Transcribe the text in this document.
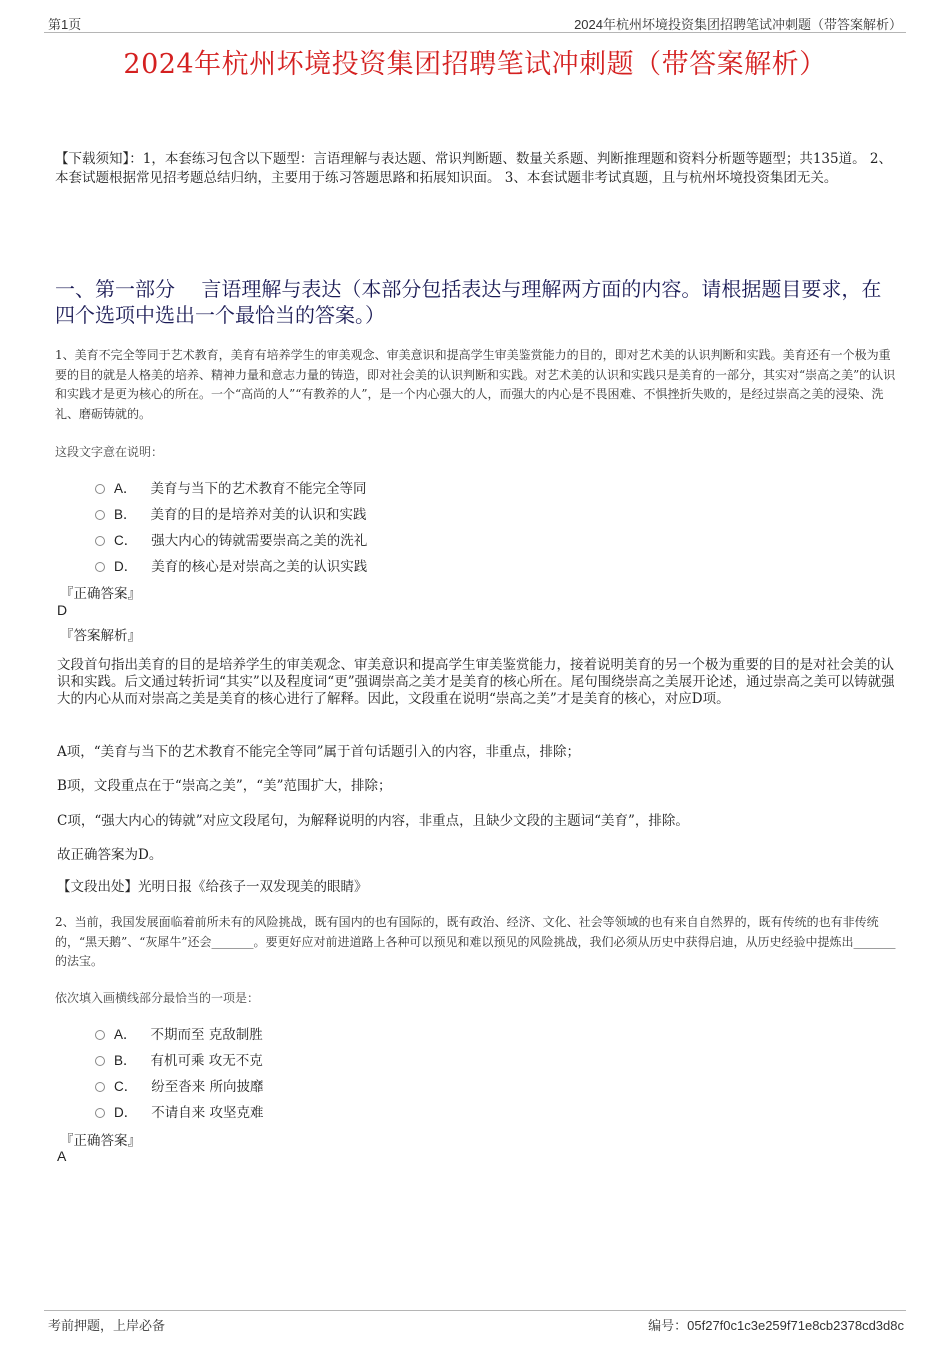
第1页	2024年杭州坏境投资集团招聘笔试冲刺题（带答案解析）
2024年杭州坏境投资集团招聘笔试冲刺题（带答案解析）
【下载须知】：1，本套练习包含以下题型：言语理解与表达题、常识判断题、数量关系题、判断推理题和资料分析题等题型；共135道。 2、本套试题根据常见招考题总结归纳，主要用于练习答题思路和拓展知识面。 3、本套试题非考试真题，且与杭州坏境投资集团无关。
一、第一部分　 言语理解与表达（本部分包括表达与理解两方面的内容。请根据题目要求，在四个选项中选出一个最恰当的答案。）
1、美育不完全等同于艺术教育，美育有培养学生的审美观念、审美意识和提高学生审美鉴赏能力的目的，即对艺术美的认识判断和实践。美育还有一个极为重要的目的就是人格美的培养、精神力量和意志力量的铸造，即对社会美的认识判断和实践。对艺术美的认识和实践只是美育的一部分，其实对“崇高之美”的认识和实践才是更为核心的所在。一个“高尚的人”“有教养的人”，是一个内心强大的人，而强大的内心是不畏困难、不惧挫折失败的，是经过崇高之美的浸染、洗礼、磨砺铸就的。
这段文字意在说明：
A． 美育与当下的艺术教育不能完全等同
B． 美育的目的是培养对美的认识和实践
C． 强大内心的铸就需要崇高之美的洗礼
D． 美育的核心是对崇高之美的认识实践
『正确答案』
D
『答案解析』
文段首句指出美育的目的是培养学生的审美观念、审美意识和提高学生审美鉴赏能力，接着说明美育的另一个极为重要的目的是对社会美的认识和实践。后文通过转折词“其实”以及程度词“更”强调崇高之美才是美育的核心所在。尾句围绕崇高之美展开论述，通过崇高之美可以铸就强大的内心从而对崇高之美是美育的核心进行了解释。因此，文段重在说明“崇高之美”才是美育的核心，对应D项。
A项，“美育与当下的艺术教育不能完全等同”属于首句话题引入的内容，非重点，排除；
B项，文段重点在于“崇高之美”，“美”范围扩大，排除；
C项，“强大内心的铸就”对应文段尾句，为解释说明的内容，非重点，且缺少文段的主题词“美育”，排除。
故正确答案为D。
【文段出处】光明日报《给孩子一双发现美的眼睛》
2、当前，我国发展面临着前所未有的风险挑战，既有国内的也有国际的，既有政治、经济、文化、社会等领域的也有来自自然界的，既有传统的也有非传统的，“黑天鹅”、“灰犀牛”还会_______。要更好应对前进道路上各种可以预见和难以预见的风险挑战，我们必须从历史中获得启迪，从历史经验中提炼出_______的法宝。
依次填入画横线部分最恰当的一项是：
A． 不期而至 克敌制胜
B． 有机可乘 攻无不克
C． 纷至沓来 所向披靡
D． 不请自来 攻坚克难
『正确答案』
A
考前押题，上岸必备	编号：05f27f0c1c3e259f71e8cb2378cd3d8c
